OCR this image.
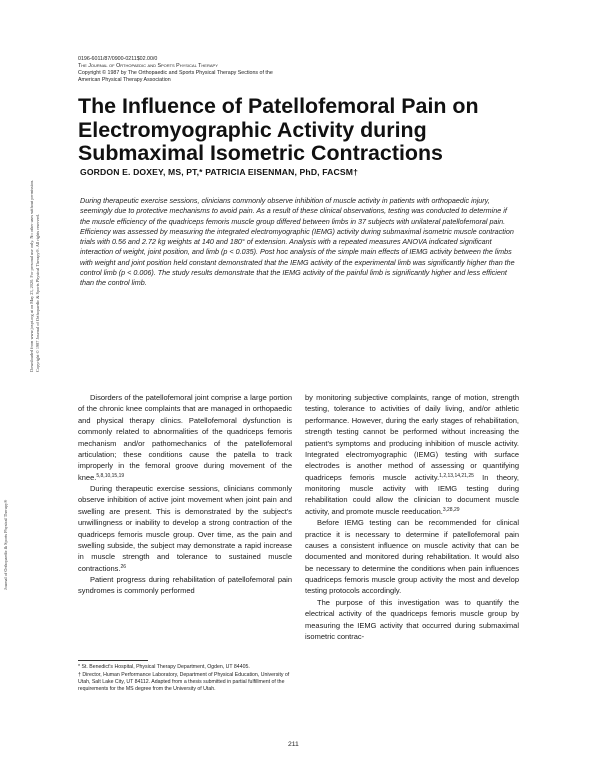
0196-6011/87/0900-0211$02.00/0
The Journal of Orthopaedic and Sports Physical Therapy
Copyright © 1987 by The Orthopaedic and Sports Physical Therapy Sections of the
American Physical Therapy Association
The Influence of Patellofemoral Pain on Electromyographic Activity during Submaximal Isometric Contractions
GORDON E. DOXEY, MS, PT,* PATRICIA EISENMAN, PhD, FACSM†

During therapeutic exercise sessions, clinicians commonly observe inhibition of muscle activity in patients with orthopaedic injury, seemingly due to protective mechanisms to avoid pain. As a result of these clinical observations, testing was conducted to determine if the muscle efficiency of the quadriceps femoris muscle group differed between limbs in 37 subjects with unilateral patellofemoral pain. Efficiency was assessed by measuring the integrated electromyographic (IEMG) activity during submaximal isometric muscle contraction trials with 0.56 and 2.72 kg weights at 140 and 180° of extension. Analysis with a repeated measures ANOVA indicated significant interaction of weight, joint position, and limb (p < 0.035). Post hoc analysis of the simple main effects of IEMG activity between the limbs with weight and joint position held constant demonstrated that the IEMG activity of the experimental limb was significantly higher than the control limb (p < 0.006). The study results demonstrate that the IEMG activity of the painful limb is significantly higher and less efficient than the control limb.

Downloaded from www.jospt.org at on May 23, 2020. For personal use only. No other uses without permission. Copyright © 1987 Journal of Orthopaedic & Sports Physical Therapy®. All rights reserved.
Journal of Orthopaedic & Sports Physical Therapy®

Disorders of the patellofemoral joint comprise a large portion of the chronic knee complaints that are managed in orthopaedic and physical therapy clinics. Patellofemoral dysfunction is commonly related to abnormalities of the quadriceps femoris mechanism and/or pathomechanics of the patellofemoral articulation; these conditions cause the patella to track improperly in the femoral groove during movement of the knee.$^{5,8,10,15,19}$

During therapeutic exercise sessions, clinicians commonly observe inhibition of active joint movement when joint pain and swelling are present. This is demonstrated by the subject's unwillingness or inability to develop a strong contraction of the quadriceps femoris muscle group. Over time, as the pain and swelling subside, the subject may demonstrate a rapid increase in muscle strength and tolerance to sustained muscle contractions.$^{26}$

Patient progress during rehabilitation of patellofemoral pain syndromes is commonly performed

by monitoring subjective complaints, range of motion, strength testing, tolerance to activities of daily living, and/or athletic performance. However, during the early stages of rehabilitation, strength testing cannot be performed without increasing the patient's symptoms and producing inhibition of muscle activity. Integrated electromyographic (IEMG) testing with surface electrodes is another method of assessing or quantifying quadriceps femoris muscle activity.$^{1,2,13,14,21,25}$ In theory, monitoring muscle activity with IEMG testing during rehabilitation could allow the clinician to document muscle activity, and promote muscle reeducation.$^{3,28,29}$

Before IEMG testing can be recommended for clinical practice it is necessary to determine if patellofemoral pain causes a consistent influence on muscle activity that can be documented and monitored during rehabilitation. It would also be necessary to determine the conditions when pain influences quadriceps femoris muscle group activity the most and develop testing protocols accordingly.

The purpose of this investigation was to quantify the electrical activity of the quadriceps femoris muscle group by measuring the IEMG activity that occurred during submaximal isometric contrac-

* St. Benedict's Hospital, Physical Therapy Department, Ogden, UT 84405.

† Director, Human Performance Laboratory, Department of Physical Education, University of Utah, Salt Lake City, UT 84112. Adapted from a thesis submitted in partial fulfillment of the requirements for the MS degree from the University of Utah.

211
